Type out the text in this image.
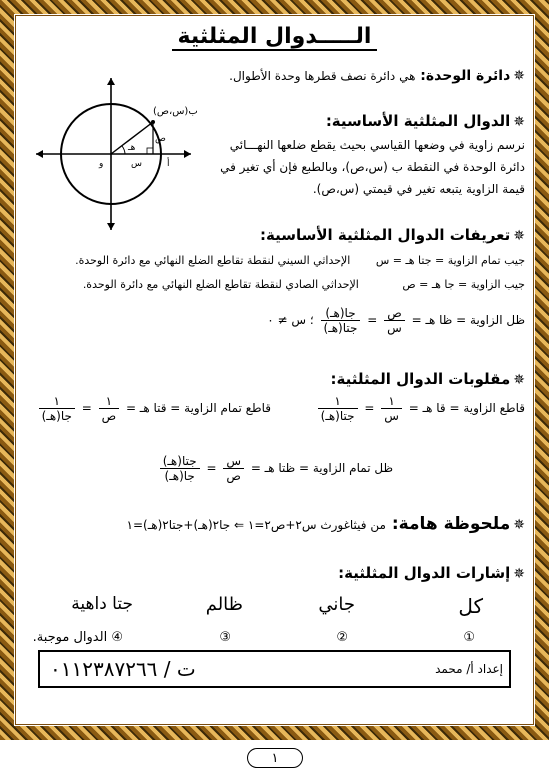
الـــــدوال المثلثية
✵دائرة الوحدة: هي دائرة نصف قطرها وحدة الأطوال.
ب(س،ص)
هـ
س
ص
و	أ
✵الدوال المثلثية الأساسية:
نرسم زاوية في وضعها القياسي بحيث يقطع ضلعها النهـــائي
دائرة الوحدة في النقطة ب (س،ص)، وبالطبع فإن أي تغير في
قيمة الزاوية يتبعه تغير في قيمتي (س،ص).
✵تعريفات الدوال المثلثية الأساسية:
جيب تمام الزاوية = جتا هـ = س الإحداثي السيني لنقطة تقاطع الضلع النهائي مع دائرة الوحدة.
جيب الزاوية = جا هـ = ص الإحداثي الصادي لنقطة تقاطع الضلع النهائي مع دائرة الوحدة.
ظل الزاوية = ظا هـ =
$\frac{\text{ص}}{\text{س}}$
=
$\frac{\text{جا(هـ)}}{\text{جتا(هـ)}}$
؛ س ≠ ٠
✵مقلوبات الدوال المثلثية:
قاطع الزاوية = قا هـ =
$\frac{١}{\text{س}}$
=
$\frac{١}{\text{جتا(هـ)}}$
قاطع تمام الزاوية = قتا هـ =
$\frac{١}{\text{ص}}$
=
$\frac{١}{\text{جا(هـ)}}$
ظل تمام الزاوية = ظتا هـ =
$\frac{\text{س}}{\text{ص}}$
=
$\frac{\text{جتا(هـ)}}{\text{جا(هـ)}}$
✵ملحوظة هامة: من فيثاغورث س٢+ص٢=١ ⇐ جا٢(هـ)+جتا٢(هـ)=١
✵إشارات الدوال المثلثية:
كل
جاني
ظالم
جتا داهية
①
②
③
④ الدوال موجبة.
إعداد أ/ محمد
ت / ٠١١٢٣٨٧٢٦٦
١
